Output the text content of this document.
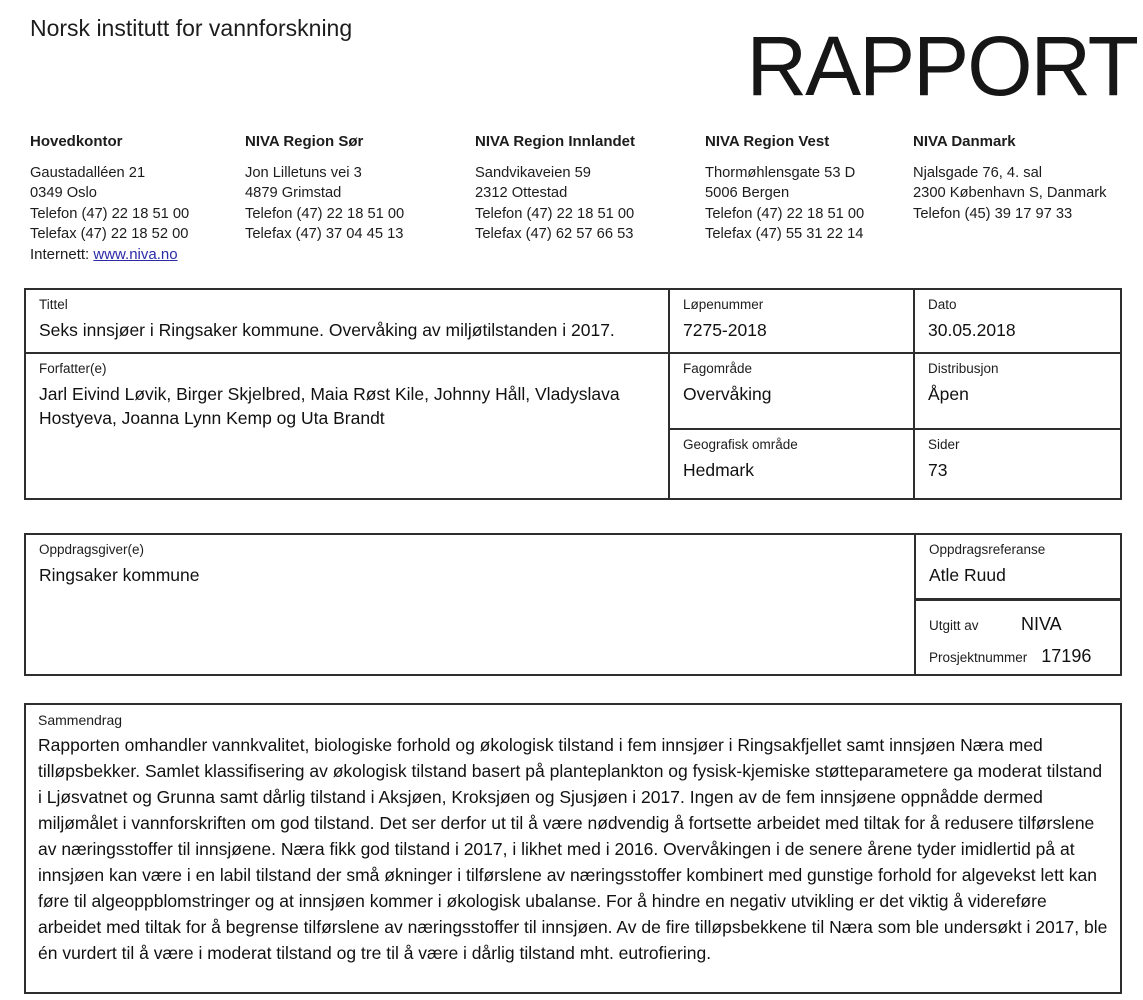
Norsk institutt for vannforskning	RAPPORT
Hovedkontor
Gaustadalléen 21
0349 Oslo
Telefon (47) 22 18 51 00
Telefax (47) 22 18 52 00
NIVA Region Sør
Jon Lilletuns vei 3
4879 Grimstad
Telefon (47) 22 18 51 00
Telefax (47) 37 04 45 13
NIVA Region Innlandet
Sandvikaveien 59
2312 Ottestad
Telefon (47) 22 18 51 00
Telefax (47) 62 57 66 53
NIVA Region Vest
Thormøhlensgate 53 D
5006 Bergen
Telefon (47) 22 18 51 00
Telefax (47) 55 31 22 14
NIVA Danmark
Njalsgade 76, 4. sal
2300 København S, Danmark
Telefon (45) 39 17 97 33
Internett: www.niva.no
Tittel
Seks innsjøer i Ringsaker kommune. Overvåking av miljøtilstanden i 2017.
Løpenummer
7275-2018
Dato
30.05.2018
Forfatter(e)
Jarl Eivind Løvik, Birger Skjelbred, Maia Røst Kile, Johnny Håll, Vladyslava Hostyeva, Joanna Lynn Kemp og Uta Brandt
Fagområde
Overvåking
Distribusjon
Åpen
Geografisk område
Hedmark
Sider
73
Oppdragsgiver(e)
Ringsaker kommune
Oppdragsreferanse
Atle Ruud
Utgitt av	NIVA
Prosjektnummer 17196
Sammendrag
Rapporten omhandler vannkvalitet, biologiske forhold og økologisk tilstand i fem innsjøer i Ringsakfjellet samt innsjøen Næra med tilløpsbekker. Samlet klassifisering av økologisk tilstand basert på planteplankton og fysisk-kjemiske støtteparametere ga moderat tilstand i Ljøsvatnet og Grunna samt dårlig tilstand i Aksjøen, Kroksjøen og Sjusjøen i 2017. Ingen av de fem innsjøene oppnådde dermed miljømålet i vannforskriften om god tilstand. Det ser derfor ut til å være nødvendig å fortsette arbeidet med tiltak for å redusere tilførslene av næringsstoffer til innsjøene. Næra fikk god tilstand i 2017, i likhet med i 2016. Overvåkingen i de senere årene tyder imidlertid på at innsjøen kan være i en labil tilstand der små økninger i tilførslene av næringsstoffer kombinert med gunstige forhold for algevekst lett kan føre til algeoppblomstringer og at innsjøen kommer i økologisk ubalanse. For å hindre en negativ utvikling er det viktig å videreføre arbeidet med tiltak for å begrense tilførslene av næringsstoffer til innsjøen. Av de fire tilløpsbekkene til Næra som ble undersøkt i 2017, ble én vurdert til å være i moderat tilstand og tre til å være i dårlig tilstand mht. eutrofiering.
